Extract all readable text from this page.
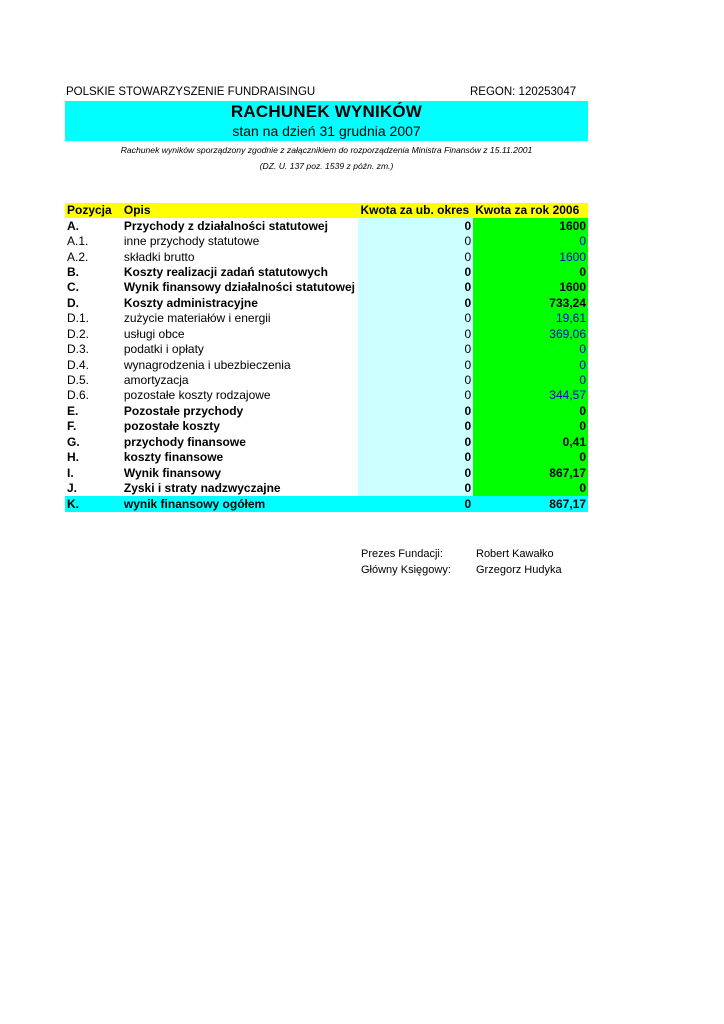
POLSKIE STOWARZYSZENIE FUNDRAISINGU	REGON: 120253047
RACHUNEK WYNIKÓW
stan na dzień 31 grudnia 2007
Rachunek wyników sporządzony zgodnie z załącznikiem do rozporządzenia Ministra Finansów z 15.11.2001
(DZ. U. 137 poz. 1539 z późn. zm.)
Pozycja	Opis	Kwota za ub. okres	Kwota za rok 2006
A.	Przychody z działalności statutowej	0	1600
A.1.	inne przychody statutowe	0	0
A.2.	składki brutto	0	1600
B.	Koszty realizacji zadań statutowych	0	0
C.	Wynik finansowy działalności statutowej	0	1600
D.	Koszty administracyjne	0	733,24
D.1.	zużycie materiałów i energii	0	19,61
D.2.	usługi obce	0	369,06
D.3.	podatki i opłaty	0	0
D.4.	wynagrodzenia i ubezbieczenia	0	0
D.5.	amortyzacja	0	0
D.6.	pozostałe koszty rodzajowe	0	344,57
E.	Pozostałe przychody	0	0
F.	pozostałe koszty	0	0
G.	przychody finansowe	0	0,41
H.	koszty finansowe	0	0
I.	Wynik finansowy	0	867,17
J.	Zyski i straty nadzwyczajne	0	0
K.	wynik finansowy ogółem	0	867,17
Prezes Fundacji:	Robert Kawałko
Główny Księgowy: Grzegorz Hudyka
